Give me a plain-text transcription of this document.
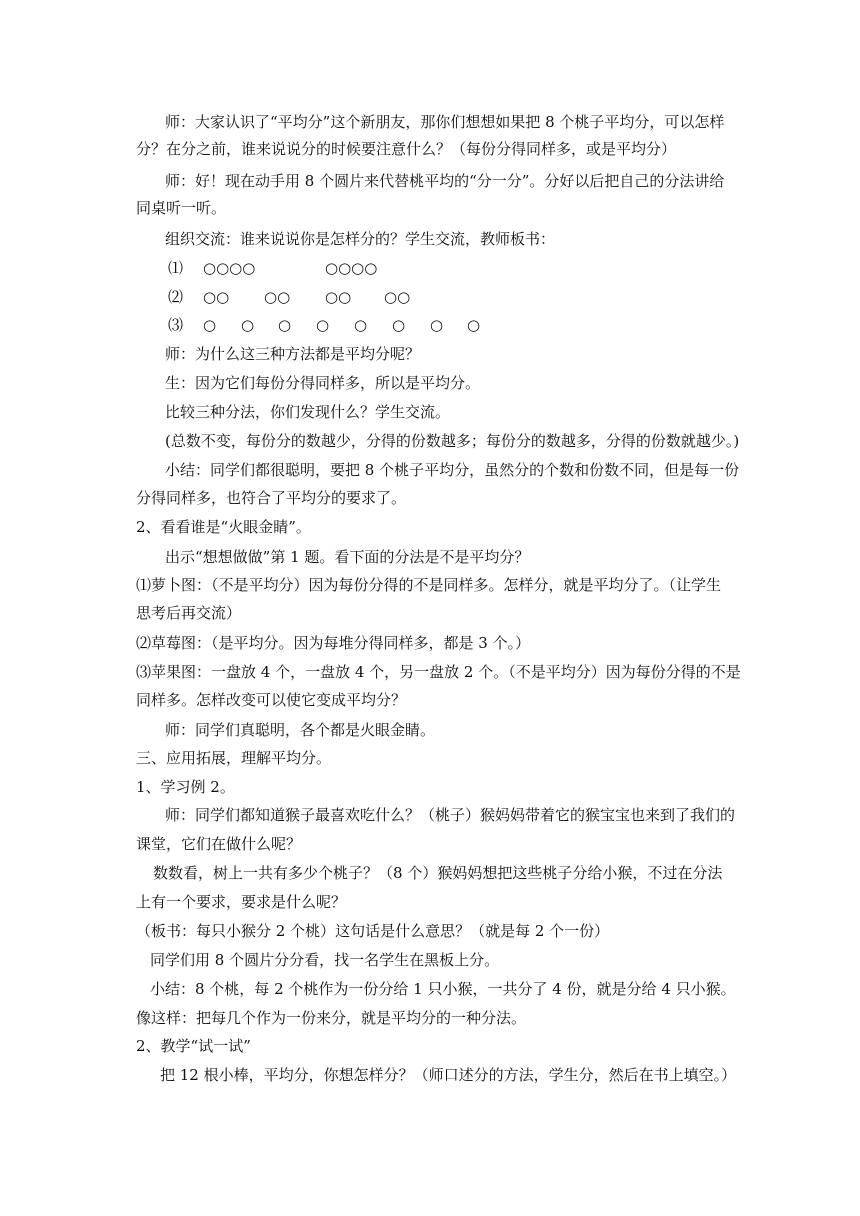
师：大家认识了“平均分”这个新朋友，那你们想想如果把 8 个桃子平均分，可以怎样
分？在分之前，谁来说说分的时候要注意什么？（每份分得同样多，或是平均分）
师：好！现在动手用 8 个圆片来代替桃平均的“分一分”。分好以后把自己的分法讲给
同桌听一听。
组织交流：谁来说说你是怎样分的？学生交流，教师板书：
⑴ ○○○○	○○○○
⑵ ○○ ○○ ○○ ○○
⑶ ○ ○ ○ ○ ○ ○ ○ ○
师：为什么这三种方法都是平均分呢？
生：因为它们每份分得同样多，所以是平均分。
比较三种分法，你们发现什么？学生交流。
(总数不变，每份分的数越少，分得的份数越多；每份分的数越多，分得的份数就越少。)
小结：同学们都很聪明，要把 8 个桃子平均分，虽然分的个数和份数不同，但是每一份
分得同样多，也符合了平均分的要求了。
2、看看谁是“火眼金睛”。
出示“想想做做”第 1 题。看下面的分法是不是平均分？
⑴萝卜图：（不是平均分）因为每份分得的不是同样多。怎样分，就是平均分了。（让学生
思考后再交流）
⑵草莓图：（是平均分。因为每堆分得同样多，都是 3 个。）
⑶苹果图：一盘放 4 个，一盘放 4 个，另一盘放 2 个。（不是平均分）因为每份分得的不是
同样多。怎样改变可以使它变成平均分？
师：同学们真聪明，各个都是火眼金睛。
三、应用拓展，理解平均分。
1、学习例 2。
师：同学们都知道猴子最喜欢吃什么？（桃子）猴妈妈带着它的猴宝宝也来到了我们的
课堂，它们在做什么呢？
数数看，树上一共有多少个桃子？（8 个）猴妈妈想把这些桃子分给小猴，不过在分法
上有一个要求，要求是什么呢？
（板书：每只小猴分 2 个桃）这句话是什么意思？（就是每 2 个一份）
同学们用 8 个圆片分分看，找一名学生在黑板上分。
小结：8 个桃，每 2 个桃作为一份分给 1 只小猴，一共分了 4 份，就是分给 4 只小猴。
像这样：把每几个作为一份来分，就是平均分的一种分法。
2、教学“试一试”
把 12 根小棒，平均分，你想怎样分？（师口述分的方法，学生分，然后在书上填空。）
